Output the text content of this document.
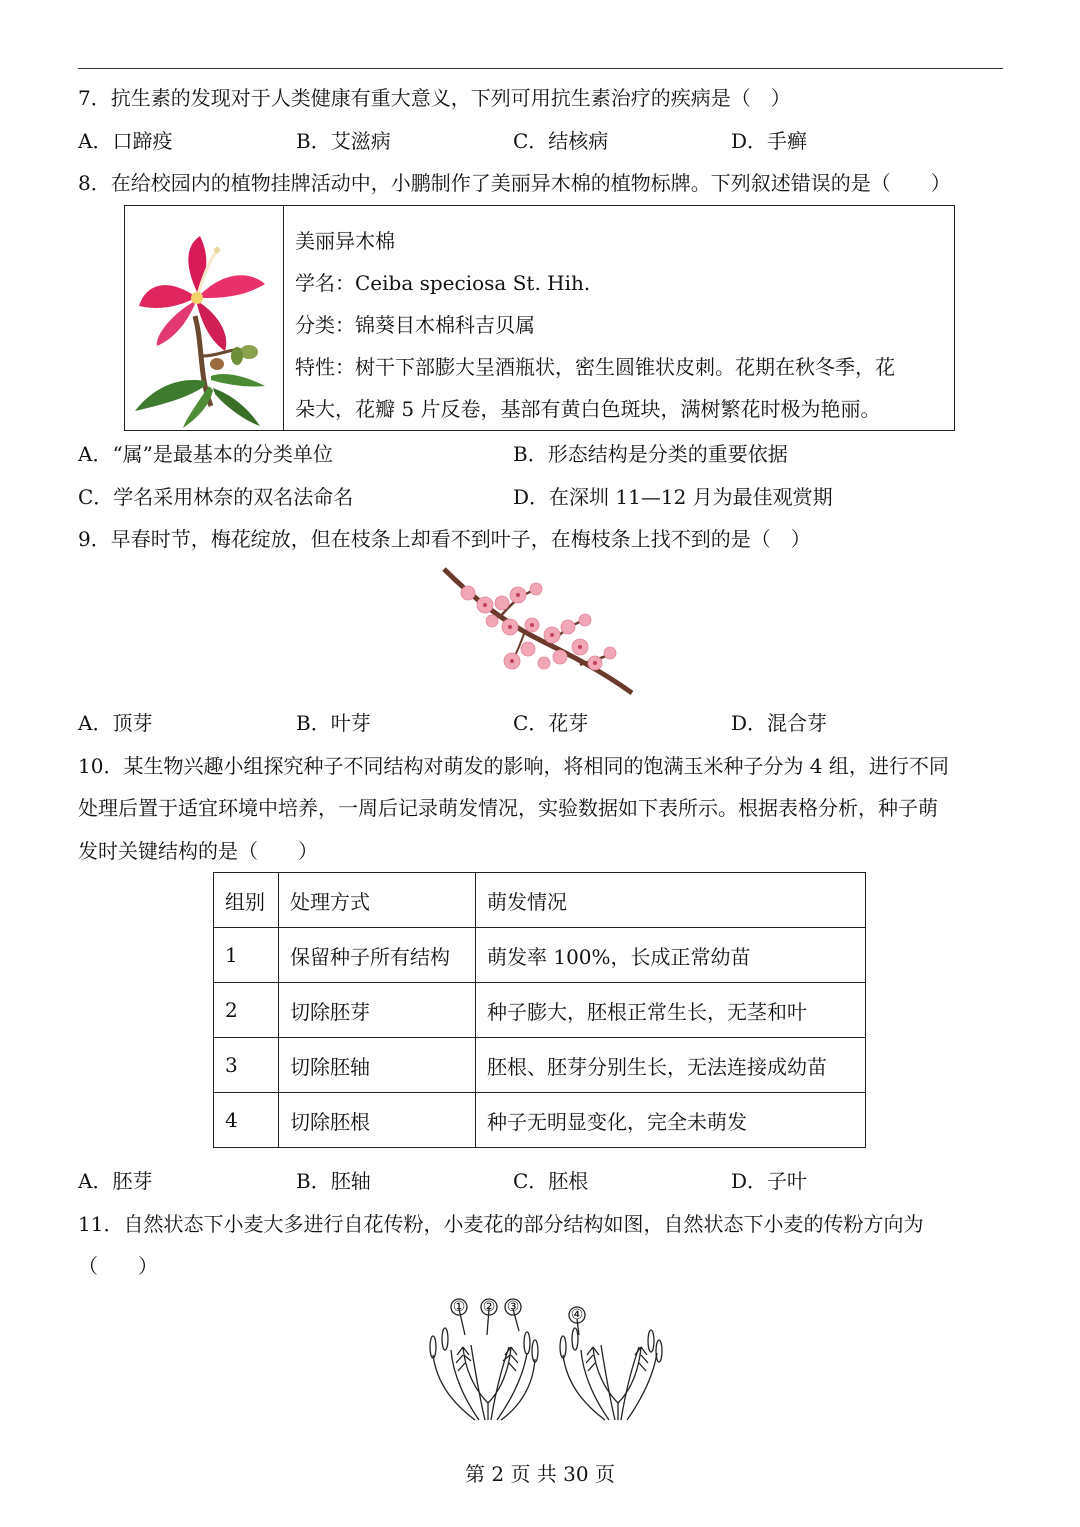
7．抗生素的发现对于人类健康有重大意义，下列可用抗生素治疗的疾病是（　）
A．口蹄疫	B．艾滋病	C．结核病	D．手癣
8．在给校园内的植物挂牌活动中，小鹏制作了美丽异木棉的植物标牌。下列叙述错误的是（　　）
美丽异木棉
学名：Ceiba speciosa St. Hih.
分类：锦葵目木棉科吉贝属
特性：树干下部膨大呈酒瓶状，密生圆锥状皮刺。花期在秋冬季，花
朵大，花瓣 5 片反卷，基部有黄白色斑块，满树繁花时极为艳丽。
A．“属”是最基本的分类单位	B．形态结构是分类的重要依据
C．学名采用林奈的双名法命名	D．在深圳 11—12 月为最佳观赏期
9．早春时节，梅花绽放，但在枝条上却看不到叶子，在梅枝条上找不到的是（　）
A．顶芽	B．叶芽	C．花芽	D．混合芽
10．某生物兴趣小组探究种子不同结构对萌发的影响，将相同的饱满玉米种子分为 4 组，进行不同
处理后置于适宜环境中培养，一周后记录萌发情况，实验数据如下表所示。根据表格分析，种子萌
发时关键结构的是（　　）
组别	处理方式	萌发情况
1	保留种子所有结构	萌发率 100%，长成正常幼苗
2	切除胚芽	种子膨大，胚根正常生长，无茎和叶
3	切除胚轴	胚根、胚芽分别生长，无法连接成幼苗
4	切除胚根	种子无明显变化，完全未萌发
A．胚芽	B．胚轴	C．胚根	D．子叶
11．自然状态下小麦大多进行自花传粉，小麦花的部分结构如图，自然状态下小麦的传粉方向为
（　　）
① ② ③	④
第 2 页 共 30 页
